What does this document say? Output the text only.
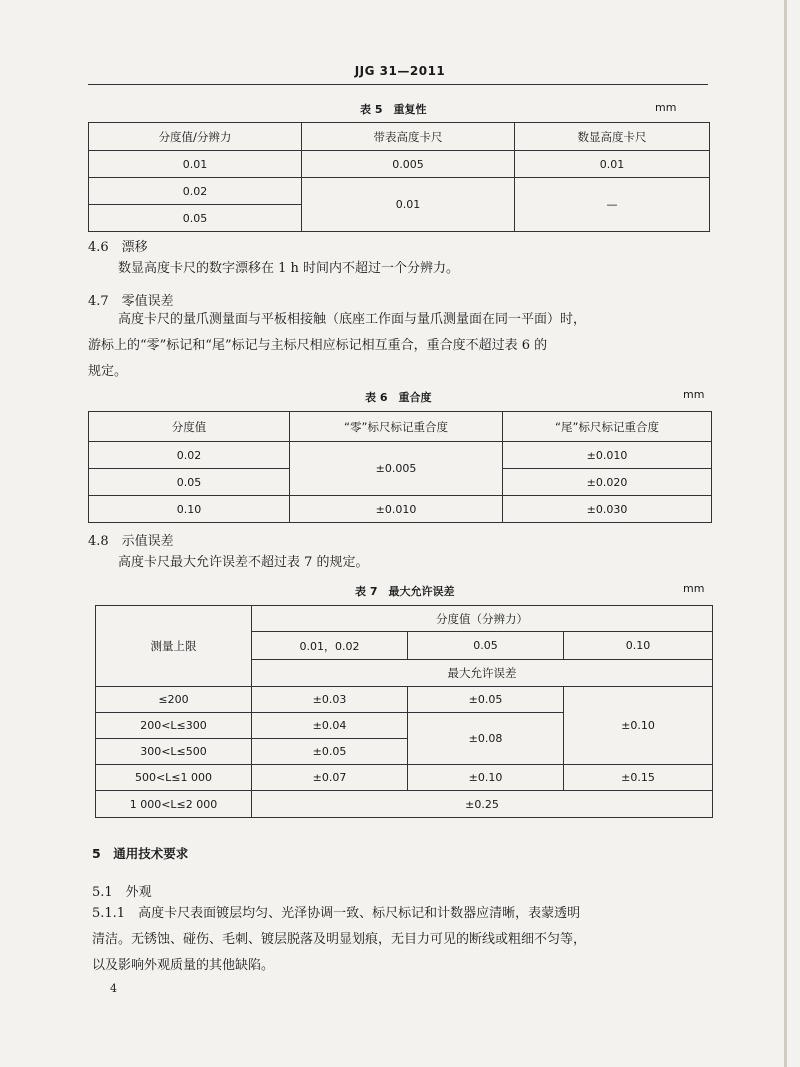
JJG 31—2011
表 5　重复性	mm
分度值/分辨力	带表高度卡尺	数显高度卡尺
0.01	0.005	0.01
0.02	0.01	—
0.05		
4.6　漂移
数显高度卡尺的数字漂移在 1 h 时间内不超过一个分辨力。
4.7　零值误差
高度卡尺的量爪测量面与平板相接触（底座工作面与量爪测量面在同一平面）时，
游标上的“零”标记和“尾”标记与主标尺相应标记相互重合，重合度不超过表 6 的
规定。
表 6　重合度	mm
分度值	“零”标尺标记重合度	“尾”标尺标记重合度
0.02	±0.005	±0.010
0.05		±0.020
0.10	±0.010	±0.030
4.8　示值误差
高度卡尺最大允许误差不超过表 7 的规定。
表 7　最大允许误差	mm
测量上限	分度值（分辨力）		
	0.01，0.02	0.05	0.10
	最大允许误差		
≤200	±0.03	±0.05	±0.10
200<L≤300	±0.04	±0.08	
300<L≤500	±0.05		
500<L≤1 000	±0.07	±0.10	±0.15
1 000<L≤2 000	±0.25		
5　通用技术要求
5.1　外观
5.1.1　高度卡尺表面镀层均匀、光泽协调一致、标尺标记和计数器应清晰，表蒙透明
清洁。无锈蚀、碰伤、毛刺、镀层脱落及明显划痕，无目力可见的断线或粗细不匀等，
以及影响外观质量的其他缺陷。
4
